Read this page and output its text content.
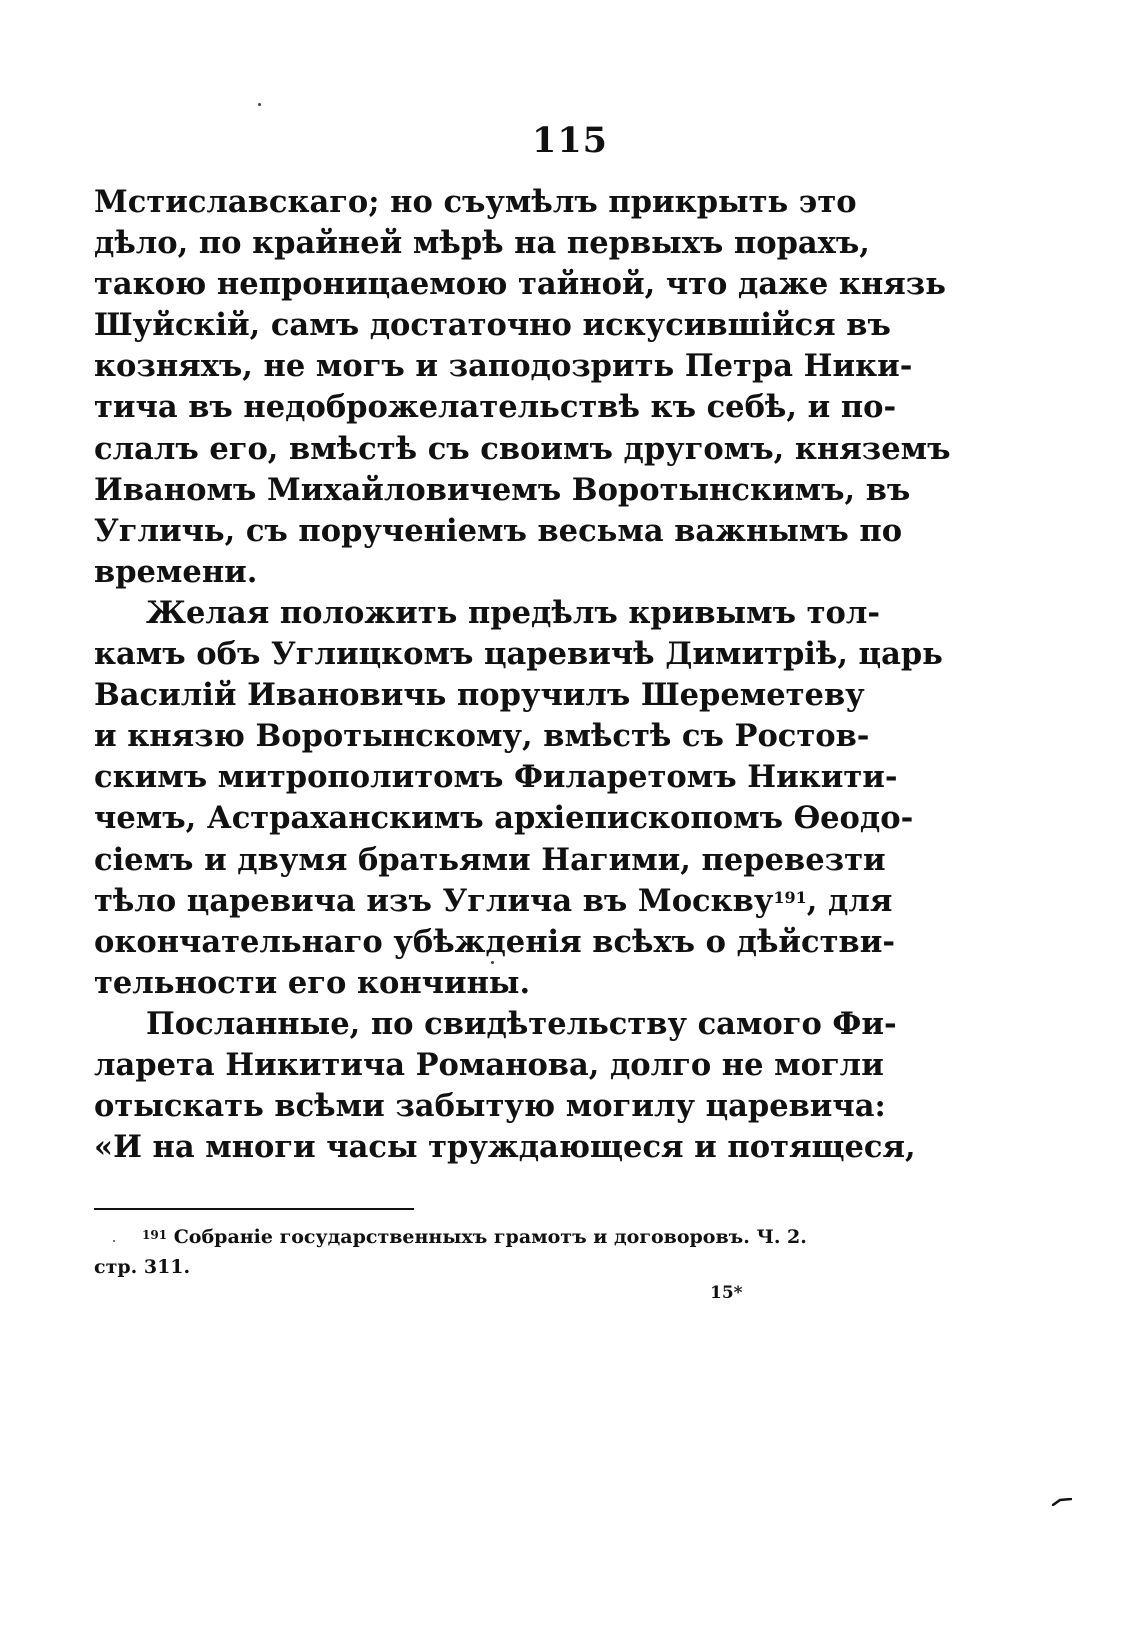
115
Мстиславскаго; но съумѣлъ прикрыть это
дѣло, по крайней мѣрѣ на первыхъ порахъ,
такою непроницаемою тайной, что даже князь
Шуйскій, самъ достаточно искусившійся въ
козняхъ, не могъ и заподозрить Петра Ники-
тича въ недоброжелательствѣ къ себѣ, и по-
слалъ его, вмѣстѣ съ своимъ другомъ, княземъ
Иваномъ Михайловичемъ Воротынскимъ, въ
Угличь, съ порученіемъ весьма важнымъ по
времени.
Желая положить предѣлъ кривымъ тол-
камъ объ Углицкомъ царевичѣ Димитріѣ, царь
Василій Ивановичь поручилъ Шереметеву
и князю Воротынскому, вмѣстѣ съ Ростов-
скимъ митрополитомъ Филаретомъ Никити-
чемъ, Астраханскимъ архіепископомъ Ѳеодо-
сіемъ и двумя братьями Нагими, перевезти
тѣло царевича изъ Углича въ Москву$^{191}$, для
окончательнаго убѣжденія всѣхъ о дѣйстви-
тельности его кончины.
Посланные, по свидѣтельству самого Фи-
ларета Никитича Романова, долго не могли
отыскать всѣми забытую могилу царевича:
«И на многи часы труждающеся и потящеся,
$^{191}$ Собраніе государственныхъ грамотъ и договоровъ. Ч. 2.
стр. 311.
15*
